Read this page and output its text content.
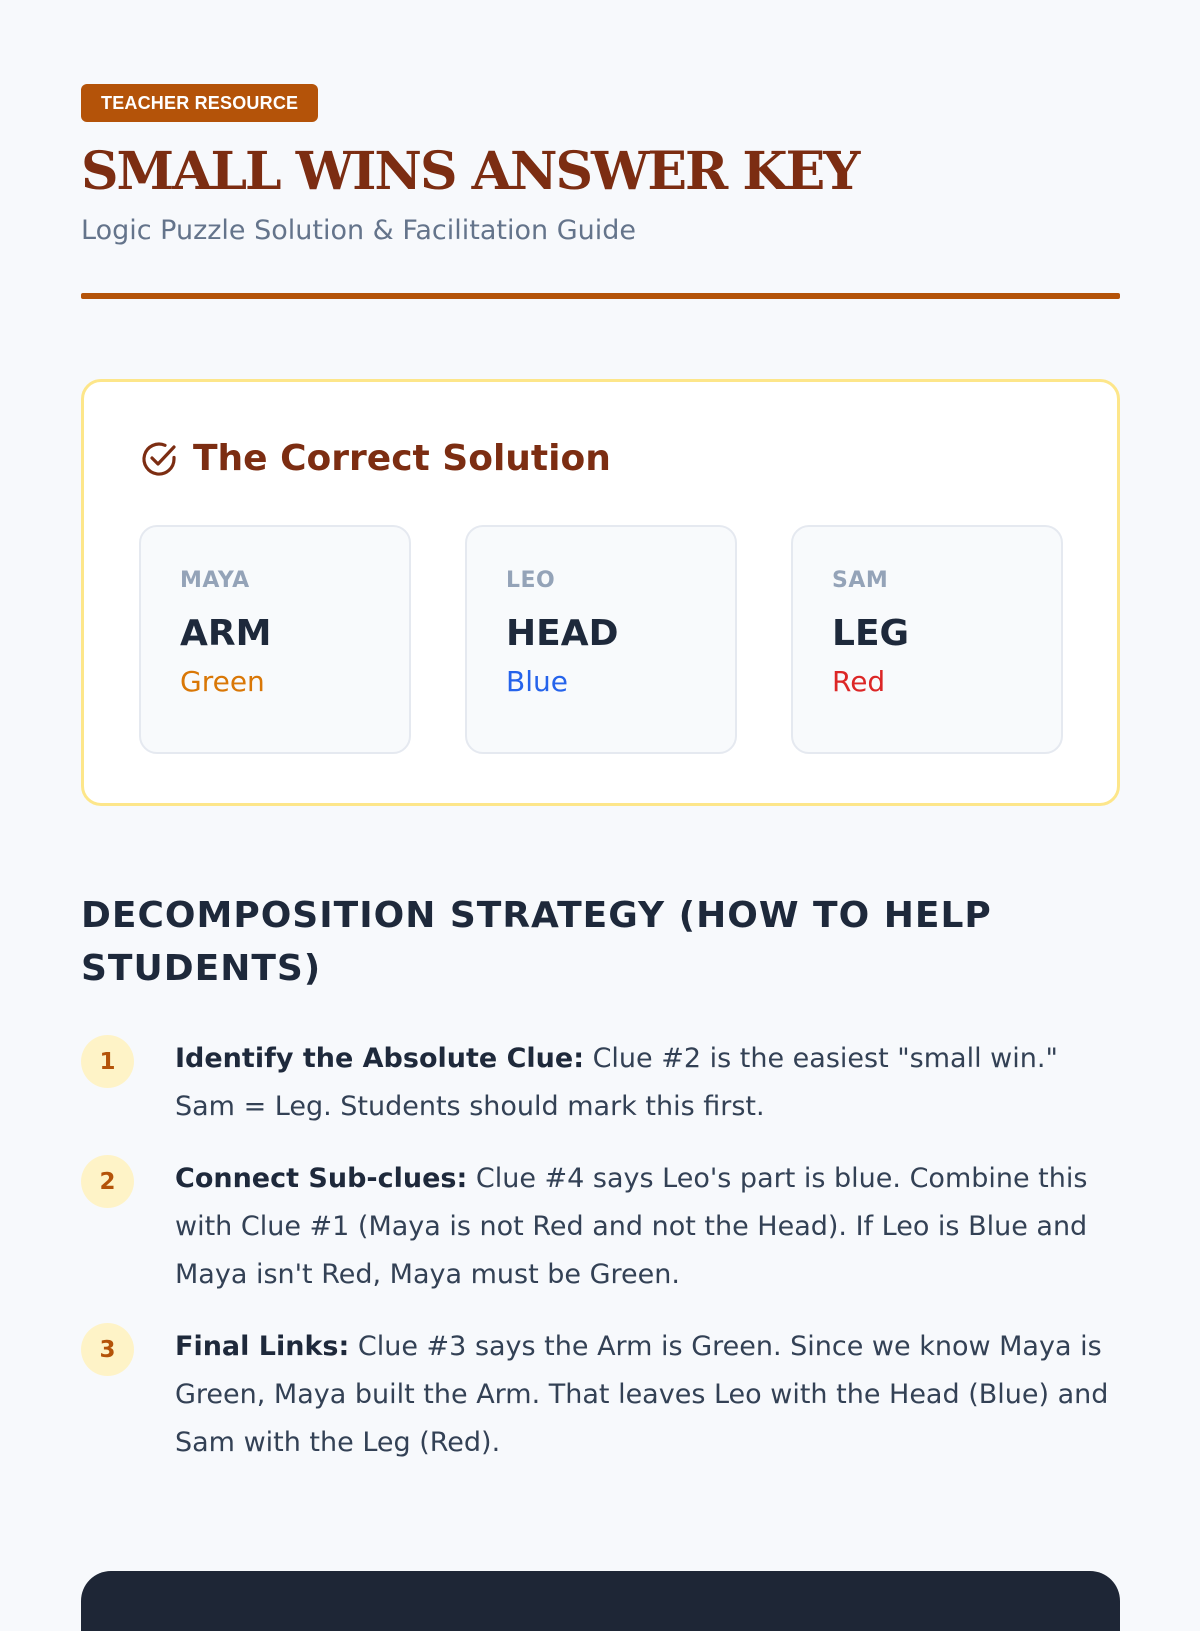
TEACHER RESOURCE
SMALL WINS ANSWER KEY
Logic Puzzle Solution & Facilitation Guide
The Correct Solution
MAYA
ARM
Green
LEO
HEAD
Blue
SAM
LEG
Red
DECOMPOSITION STRATEGY (HOW TO HELP STUDENTS)
1	Identify the Absolute Clue: Clue #2 is the easiest "small win." Sam = Leg. Students should mark this first.
2	Connect Sub-clues: Clue #4 says Leo's part is blue. Combine this with Clue #1 (Maya is not Red and not the Head). If Leo is Blue and Maya isn't Red, Maya must be Green.
3	Final Links: Clue #3 says the Arm is Green. Since we know Maya is Green, Maya built the Arm. That leaves Leo with the Head (Blue) and Sam with the Leg (Red).
